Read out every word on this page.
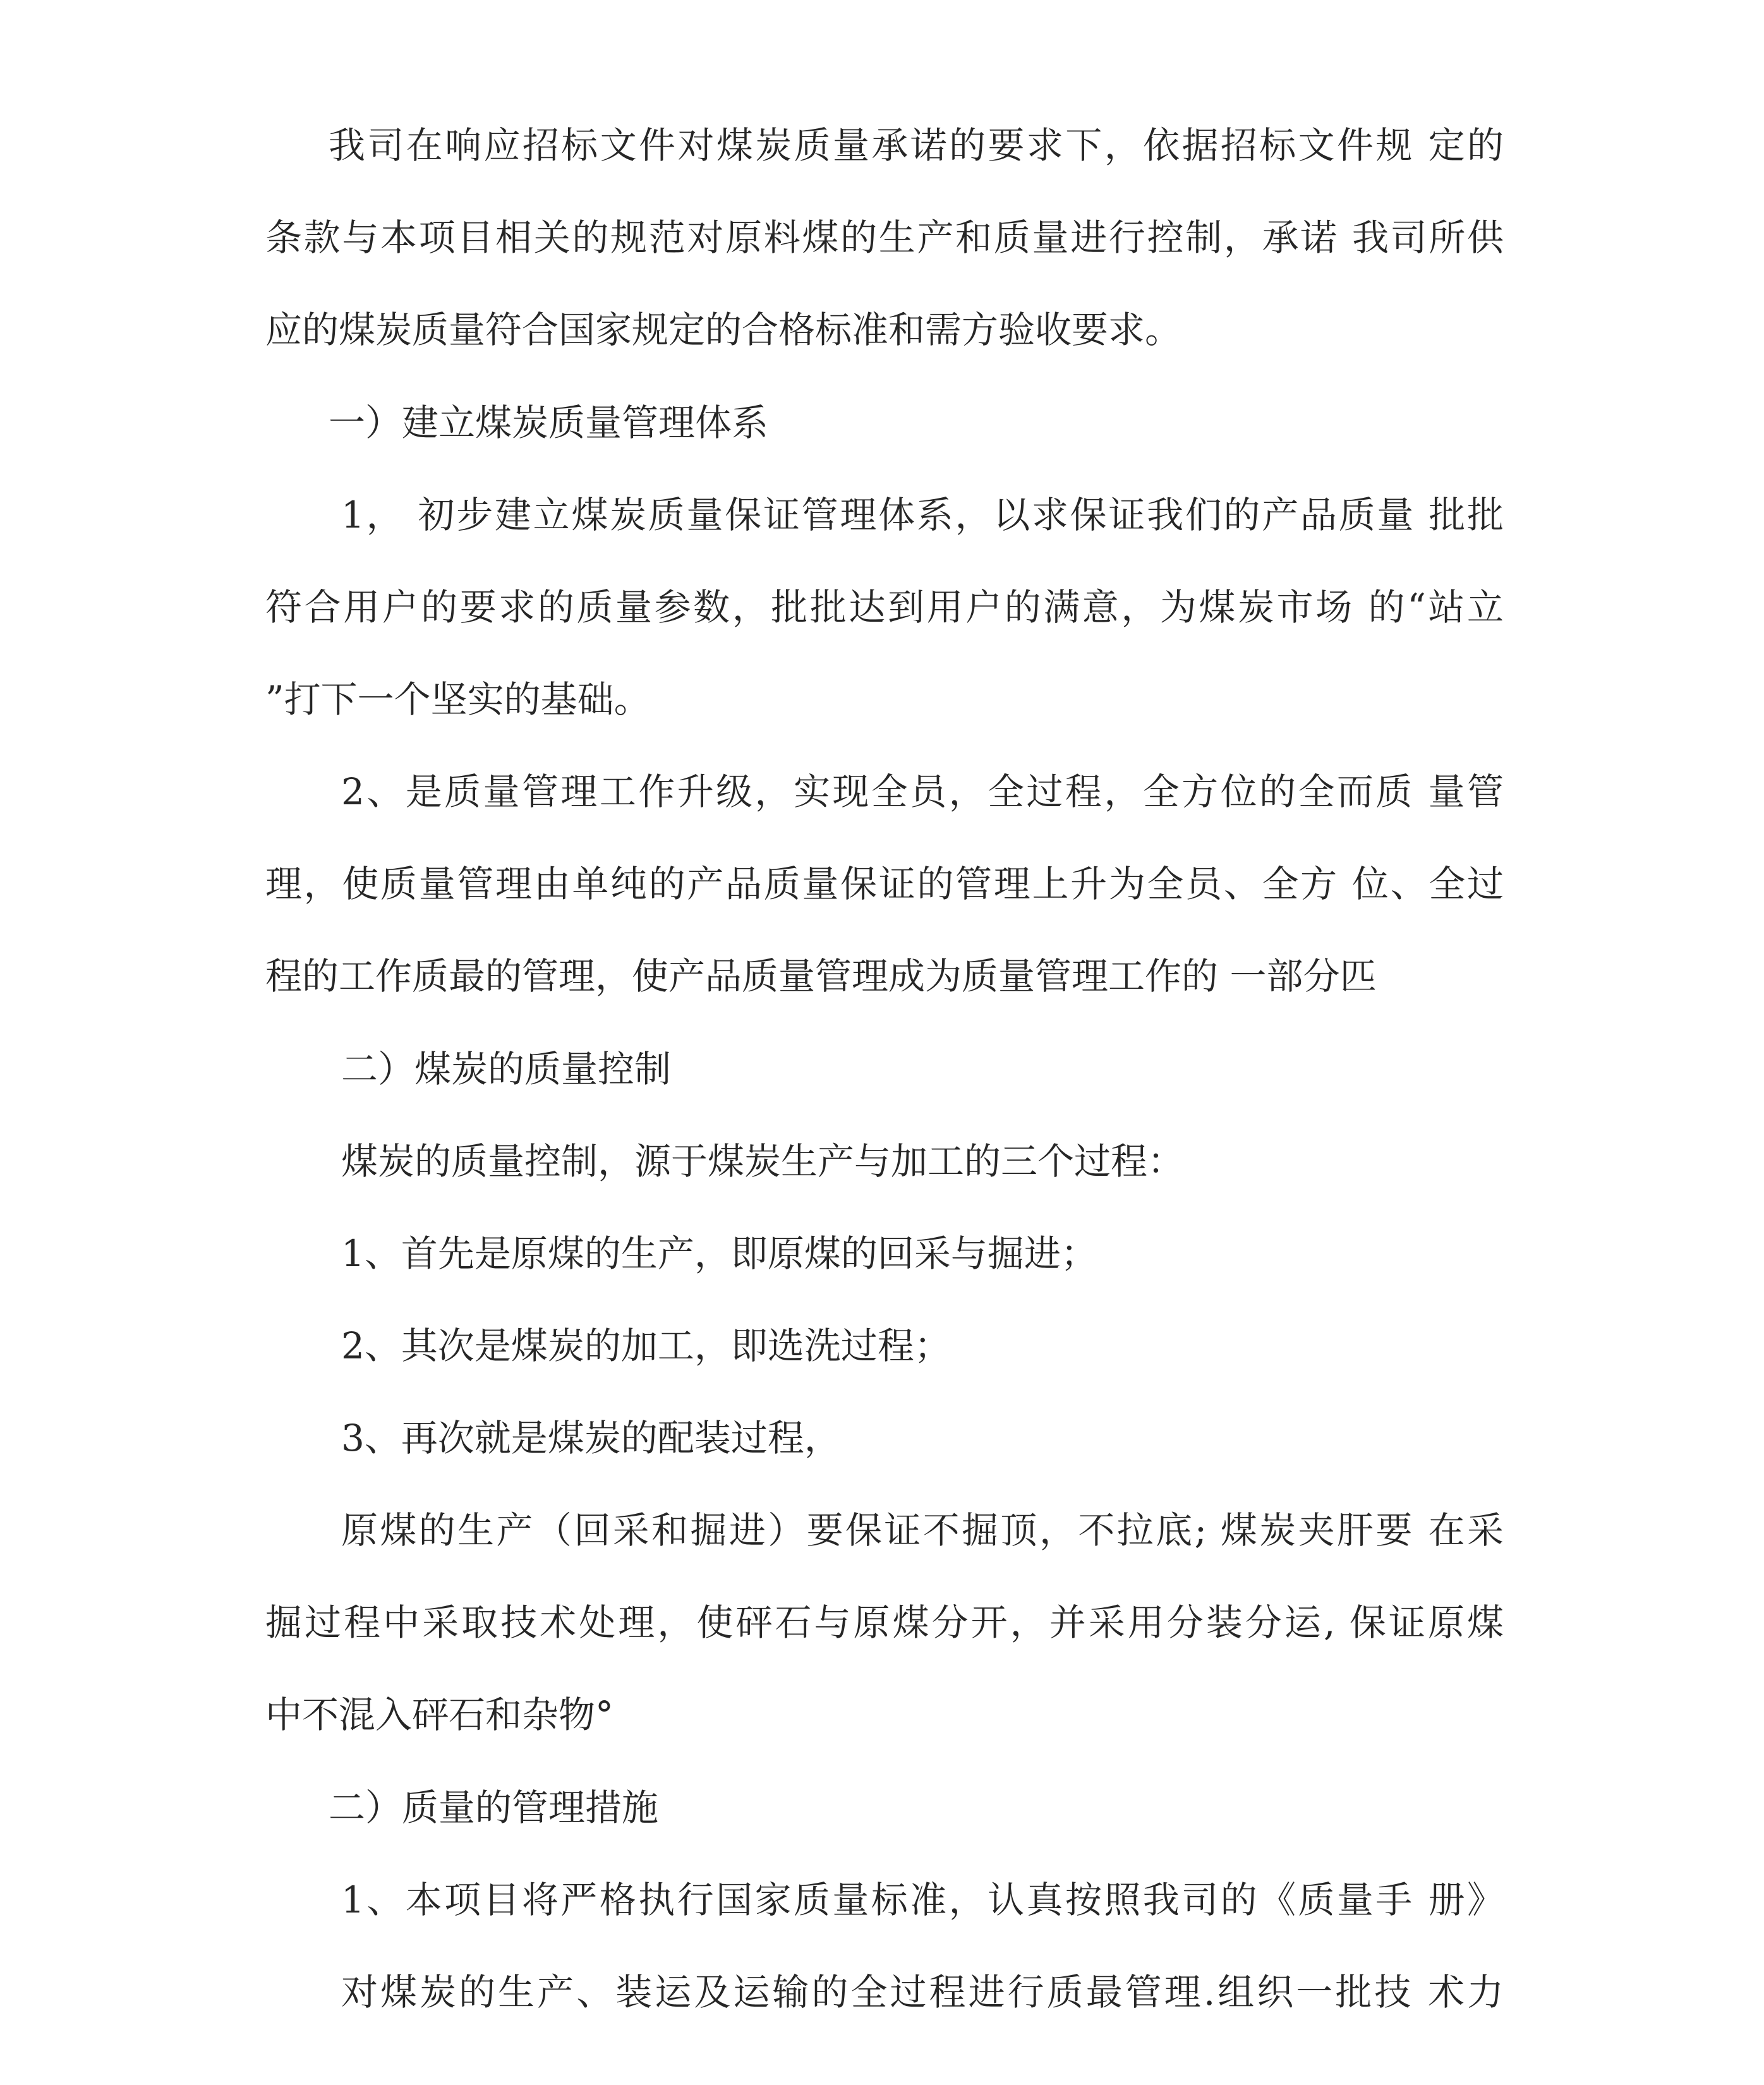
我司在响应招标文件对煤炭质量承诺的要求下，依据招标文件规 定的
条款与本项目相关的规范对原料煤的生产和质量进行控制，承诺 我司所供
应的煤炭质量符合国家规定的合格标准和需方验收要求。
一）建立煤炭质量管理体系
1， 初步建立煤炭质量保证管理体系，以求保证我们的产品质量 批批
符合用户的要求的质量参数，批批达到用户的满意，为煤炭市场 的“站立
”打下一个坚实的基础。
2、是质量管理工作升级，实现全员，全过程，全方位的全而质 量管
理，使质量管理由单纯的产品质量保证的管理上升为全员、全方 位、全过
程的工作质最的管理，使产品质量管理成为质量管理工作的 一部分匹
二）煤炭的质量控制
煤炭的质量控制，源于煤炭生产与加工的三个过程：
1、首先是原煤的生产，即原煤的回采与掘进；
2、其次是煤炭的加工，即选洗过程；
3、再次就是煤炭的配装过程，
原煤的生产（回采和掘进）要保证不掘顶，不拉底; 煤炭夹肝要 在采
掘过程中采取技术处理，使砰石与原煤分开，并采用分装分运, 保证原煤
中不混入砰石和杂物°
二）质量的管理措施
1、本项目将严格执行国家质量标准，认真按照我司的《质量手 册》
对煤炭的生产、装运及运输的全过程进行质最管理.组织一批技 术力
